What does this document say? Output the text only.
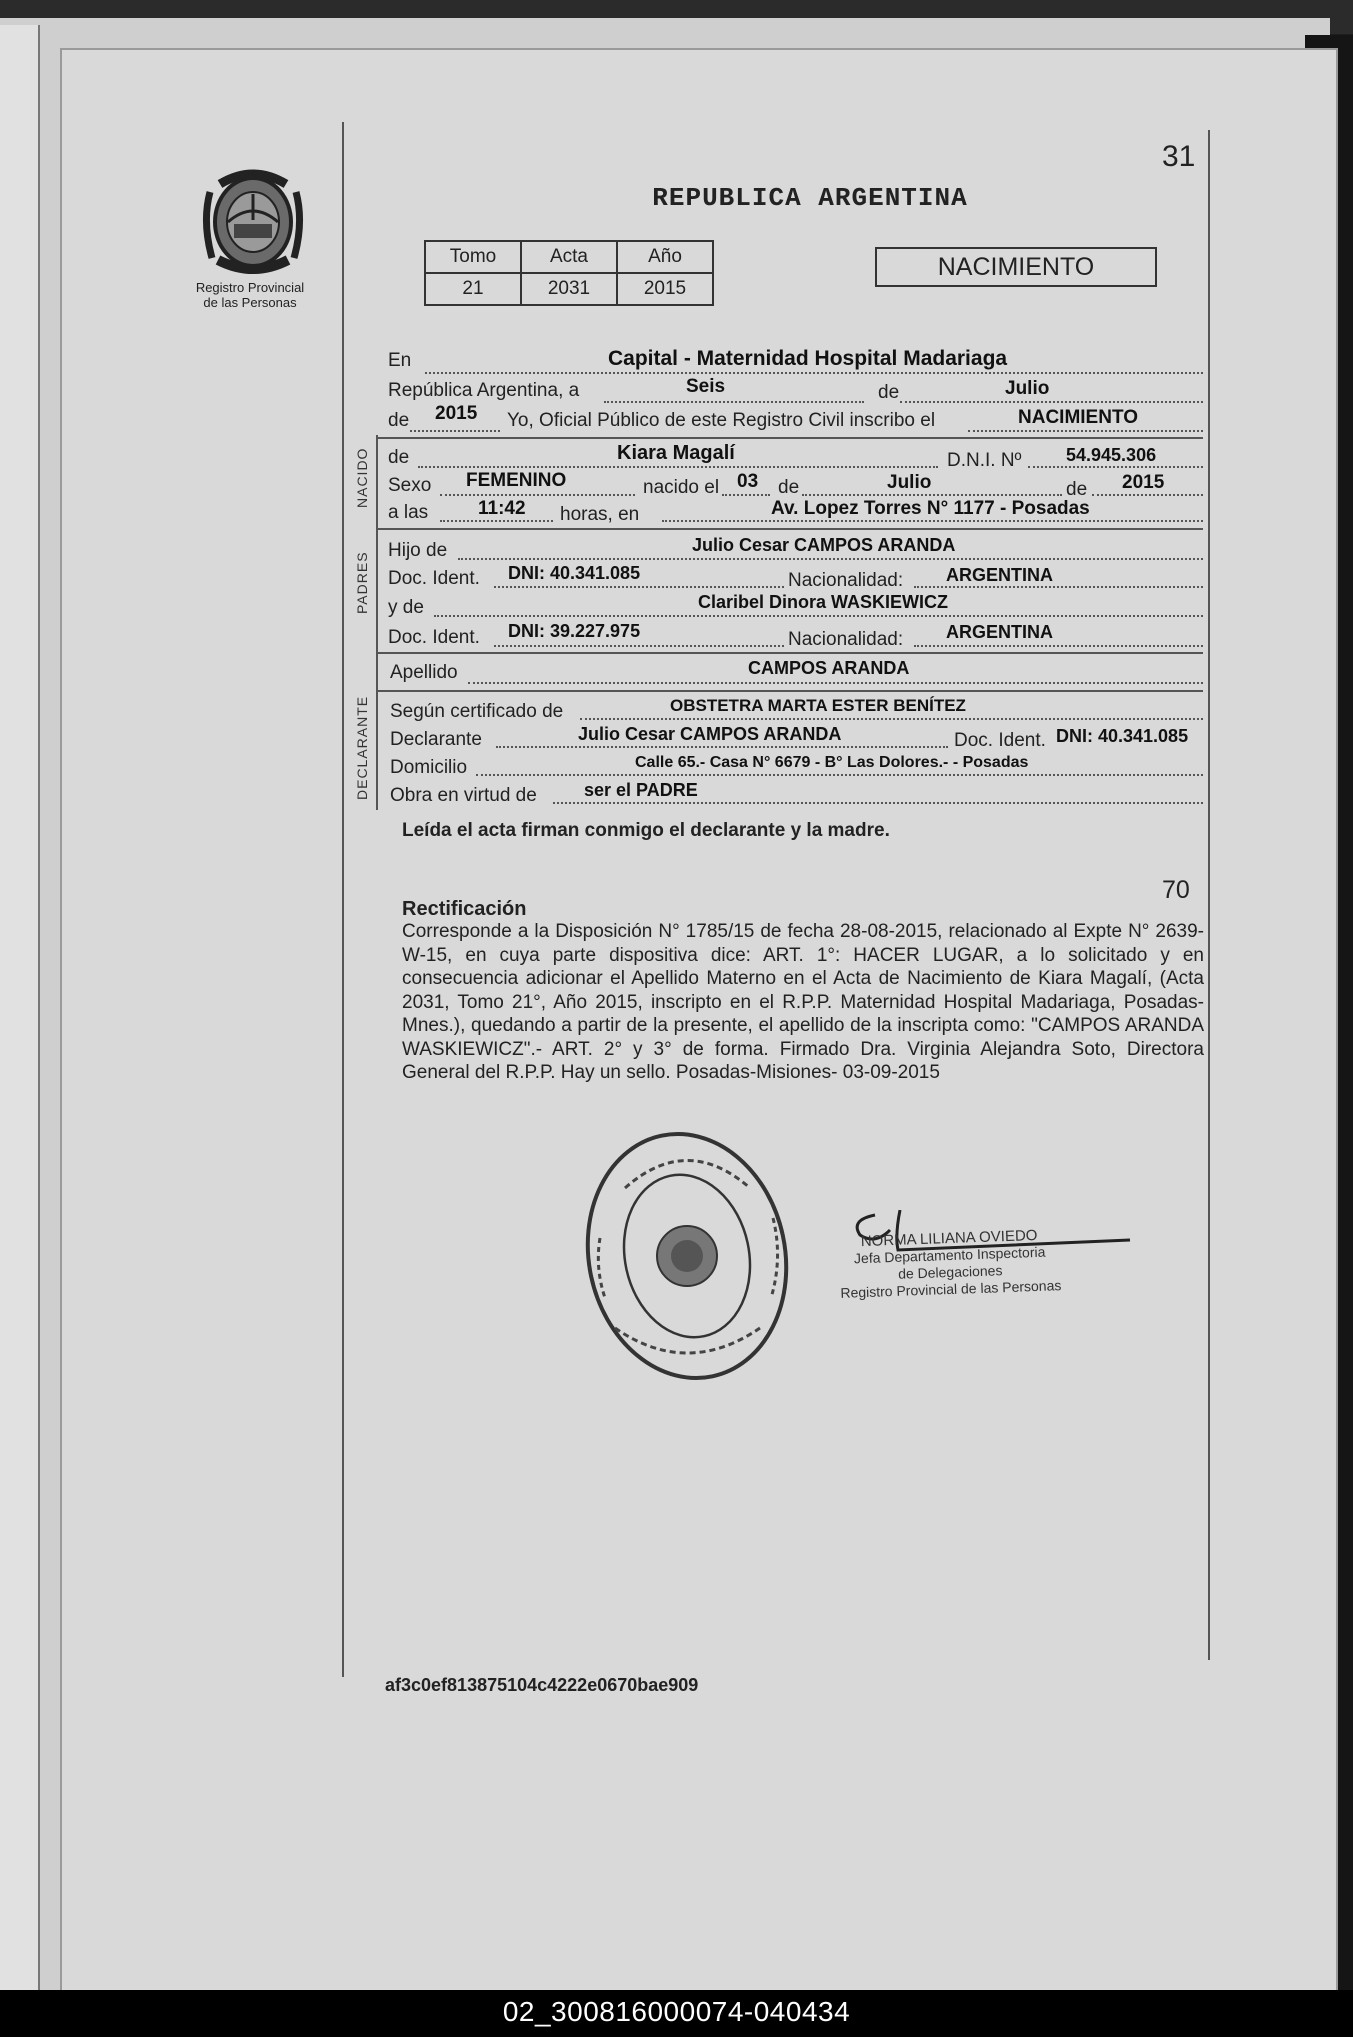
31
Registro Provincial
de las Personas
REPUBLICA ARGENTINA
Tomo	Acta	Año
21	2031	2015
NACIMIENTO
En	Capital - Maternidad Hospital Madariaga
República Argentina, a	Seis	de	Julio
de 2015 Yo, Oficial Público de este Registro Civil inscribo el	NACIMIENTO
NACIDO de	Kiara Magalí	D.N.I. Nº 54.945.306
Sexo FEMENINO	nacido el 03 de	Julio	de 2015
a las	11:42 horas, en	Av. Lopez Torres N° 1177 - Posadas
PADRES
Hijo de	Julio Cesar CAMPOS ARANDA
Doc. Ident. DNI: 40.341.085	Nacionalidad: ARGENTINA
y de	Claribel Dinora WASKIEWICZ
Doc. Ident. DNI: 39.227.975	Nacionalidad: ARGENTINA
Apellido	CAMPOS ARANDA
DECLARANTE Según certificado de	OBSTETRA MARTA ESTER BENÍTEZ
Declarante	Julio Cesar CAMPOS ARANDA	Doc. Ident. DNI: 40.341.085
Domicilio	Calle 65.- Casa N° 6679 - B° Las Dolores.- - Posadas
Obra en virtud de	ser el PADRE
Leída el acta firman conmigo el declarante y la madre.
70
Rectificación
Corresponde a la Disposición N° 1785/15 de fecha 28-08-2015, relacionado al Expte N° 2639-W-15, en cuya parte dispositiva dice: ART. 1°: HACER LUGAR, a lo solicitado y en consecuencia adicionar el Apellido Materno en el Acta de Nacimiento de Kiara Magalí, (Acta 2031, Tomo 21°, Año 2015, inscripto en el R.P.P. Maternidad Hospital Madariaga, Posadas-Mnes.), quedando a partir de la presente, el apellido de la inscripta como: "CAMPOS ARANDA WASKIEWICZ".- ART. 2° y 3° de forma. Firmado Dra. Virginia Alejandra Soto, Directora General del R.P.P. Hay un sello. Posadas-Misiones- 03-09-2015
NORMA LILIANA OVIEDO
Jefa Departamento Inspectoria
de Delegaciones
Registro Provincial de las Personas
af3c0ef813875104c4222e0670bae909
02_300816000074-040434
